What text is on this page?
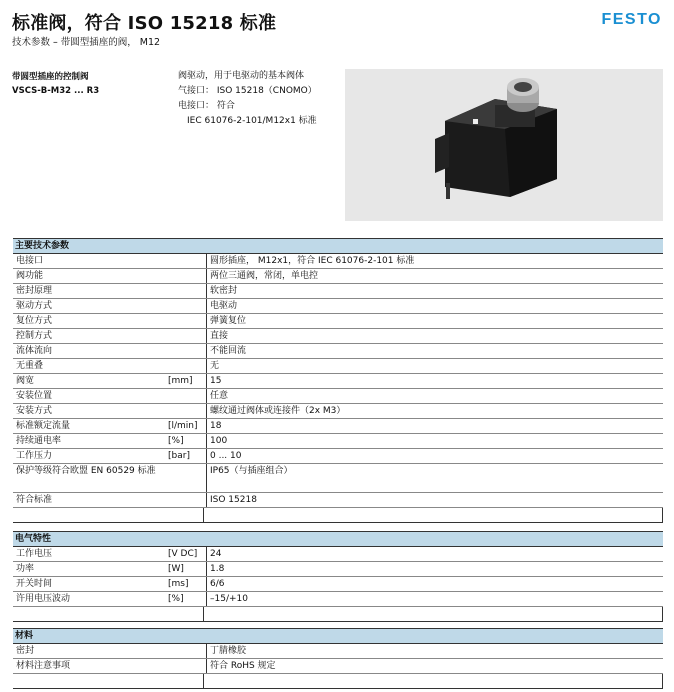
标准阀，符合 ISO 15218 标准
技术参数 – 带圆型插座的阀， M12
FESTO
带圆型插座的控制阀
VSCS-B-M32 ... R3
阀驱动，用于电驱动的基本阀体
气接口： ISO 15218（CNOMO）
电接口： 符合
IEC 61076-2-101/M12x1 标准
主要技术参数
电接口		圆形插座， M12x1，符合 IEC 61076-2-101 标准
阀功能		两位三通阀，常闭，单电控
密封原理		软密封
驱动方式		电驱动
复位方式		弹簧复位
控制方式		直接
流体流向		不能回流
无重叠		无
阀宽	[mm]	15
安装位置		任意
安装方式		螺纹通过阀体或连接件（2x M3）
标准额定流量	[l/min]	18
持续通电率	[%]	100
工作压力	[bar]	0 ... 10
保护等级符合欧盟 EN 60529 标准		IP65（与插座组合）
符合标准		ISO 15218
电气特性
工作电压	[V DC]	24
功率	[W]	1.8
开关时间	[ms]	6/6
许用电压波动	[%]	–15/+10
材料
密封		丁腈橡胶
材料注意事项		符合 RoHS 规定
